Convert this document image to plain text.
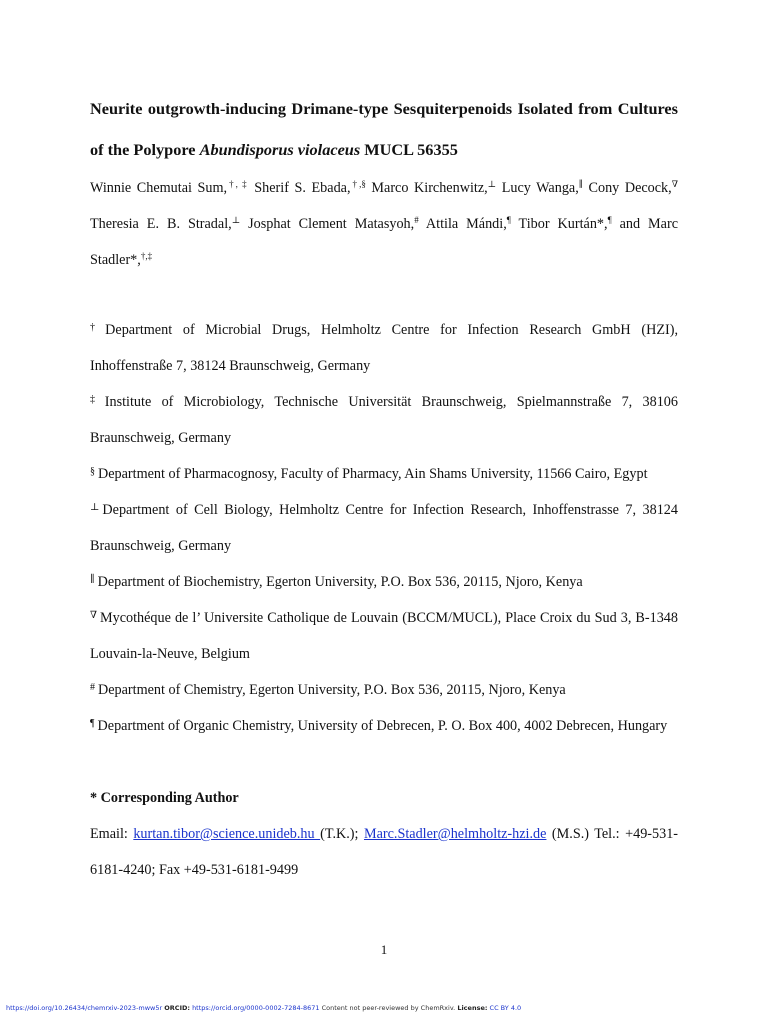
Neurite outgrowth-inducing Drimane-type Sesquiterpenoids Isolated from Cultures of the Polypore Abundisporus violaceus MUCL 56355

Winnie Chemutai Sum,†, ‡ Sherif S. Ebada,†,§ Marco Kirchenwitz,⊥ Lucy Wanga,∥ Cony Decock,∇ Theresia E. B. Stradal,⊥ Josphat Clement Matasyoh,# Attila Mándi,¶ Tibor Kurtán*,¶ and Marc Stadler*,†,‡

† Department of Microbial Drugs, Helmholtz Centre for Infection Research GmbH (HZI), Inhoffenstraße 7, 38124 Braunschweig, Germany

‡ Institute of Microbiology, Technische Universität Braunschweig, Spielmannstraße 7, 38106 Braunschweig, Germany

§ Department of Pharmacognosy, Faculty of Pharmacy, Ain Shams University, 11566 Cairo, Egypt

⊥ Department of Cell Biology, Helmholtz Centre for Infection Research, Inhoffenstrasse 7, 38124 Braunschweig, Germany

∥ Department of Biochemistry, Egerton University, P.O. Box 536, 20115, Njoro, Kenya

∇ Mycothéque de l’ Universite Catholique de Louvain (BCCM/MUCL), Place Croix du Sud 3, B-1348 Louvain-la-Neuve, Belgium

# Department of Chemistry, Egerton University, P.O. Box 536, 20115, Njoro, Kenya

¶ Department of Organic Chemistry, University of Debrecen, P. O. Box 400, 4002 Debrecen, Hungary

* Corresponding Author

Email: kurtan.tibor@science.unideb.hu (T.K.); Marc.Stadler@helmholtz-hzi.de (M.S.) Tel.: +49-531-6181-4240; Fax +49-531-6181-9499

1
https://doi.org/10.26434/chemrxiv-2023-mww5r ORCID: https://orcid.org/0000-0002-7284-8671 Content not peer-reviewed by ChemRxiv. License: CC BY 4.0
